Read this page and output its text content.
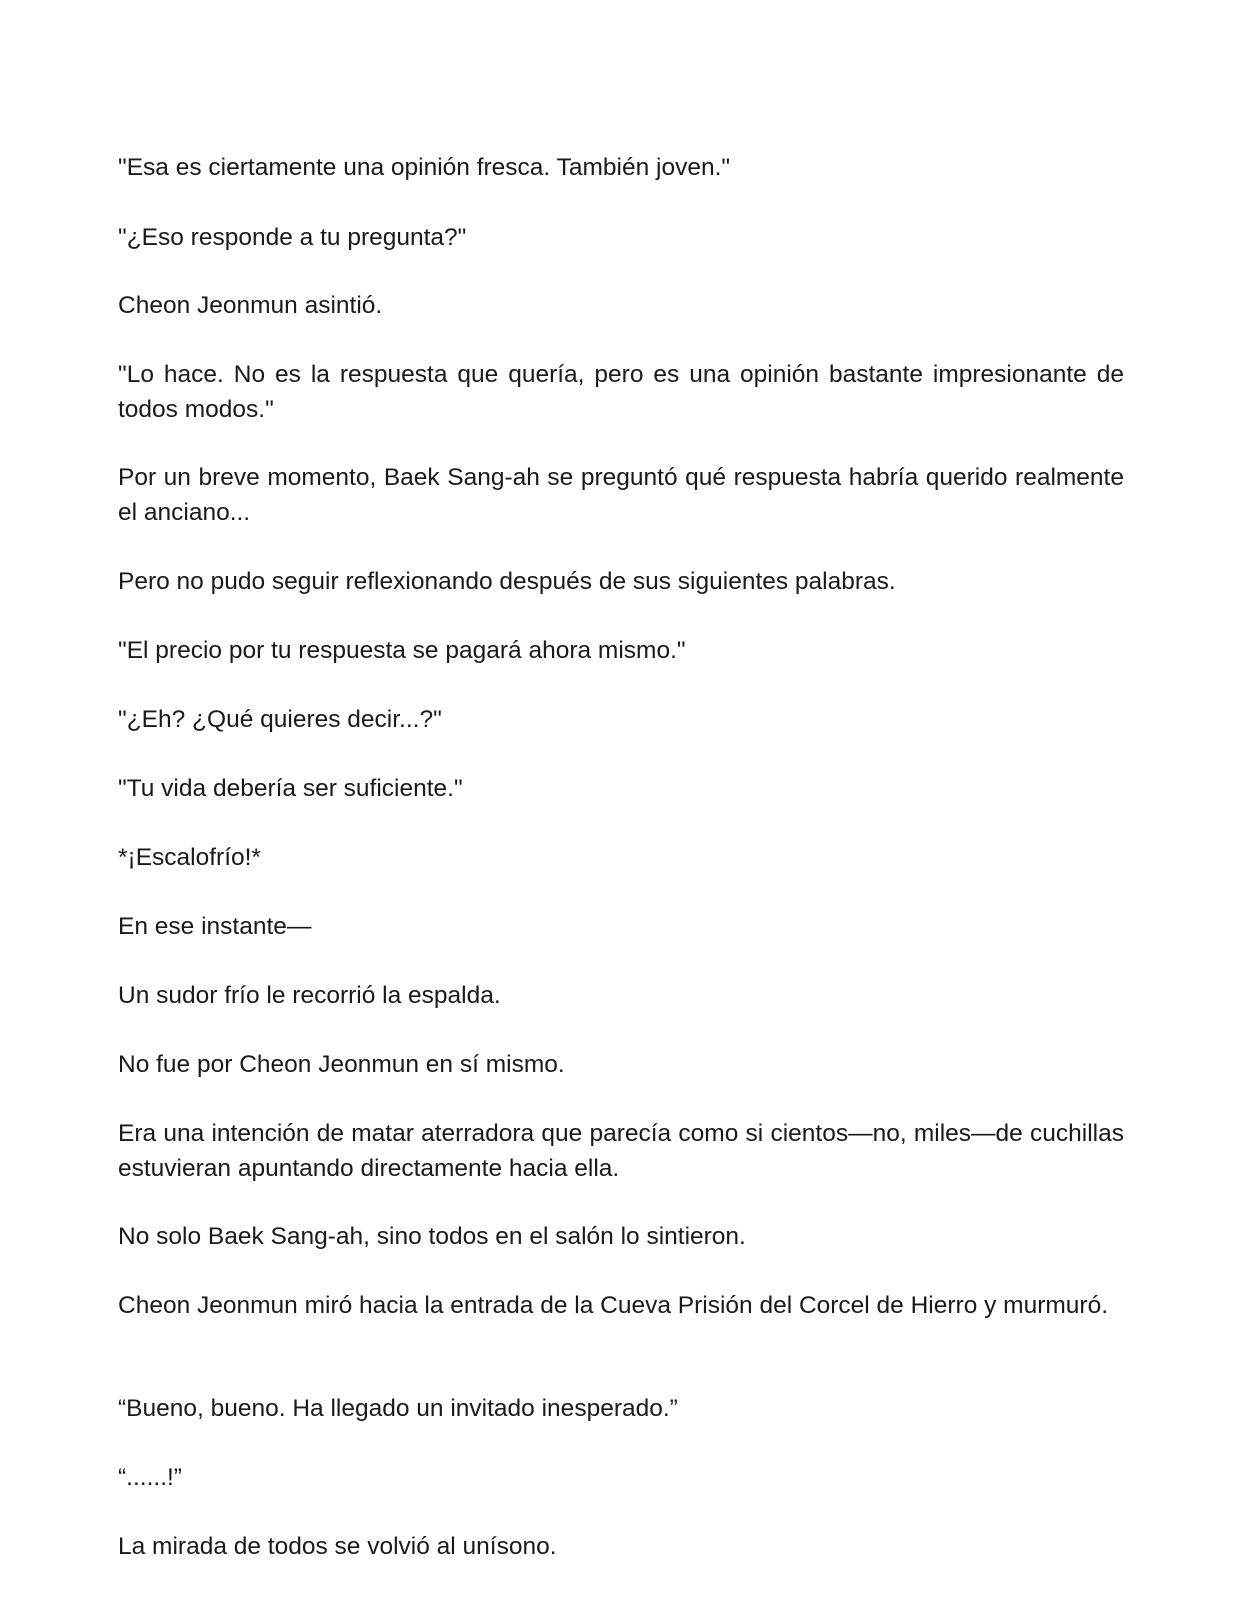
"Esa es ciertamente una opinión fresca. También joven."

"¿Eso responde a tu pregunta?"

Cheon Jeonmun asintió.

"Lo hace. No es la respuesta que quería, pero es una opinión bastante impresionante de todos modos."

Por un breve momento, Baek Sang-ah se preguntó qué respuesta habría querido realmente el anciano...

Pero no pudo seguir reflexionando después de sus siguientes palabras.

"El precio por tu respuesta se pagará ahora mismo."

"¿Eh? ¿Qué quieres decir...?"

"Tu vida debería ser suficiente."

*¡Escalofrío!*

En ese instante—

Un sudor frío le recorrió la espalda.

No fue por Cheon Jeonmun en sí mismo.

Era una intención de matar aterradora que parecía como si cientos—no, miles—de cuchillas estuvieran apuntando directamente hacia ella.

No solo Baek Sang-ah, sino todos en el salón lo sintieron.

Cheon Jeonmun miró hacia la entrada de la Cueva Prisión del Corcel de Hierro y murmuró.

“Bueno, bueno. Ha llegado un invitado inesperado.”

“......!”

La mirada de todos se volvió al unísono.
